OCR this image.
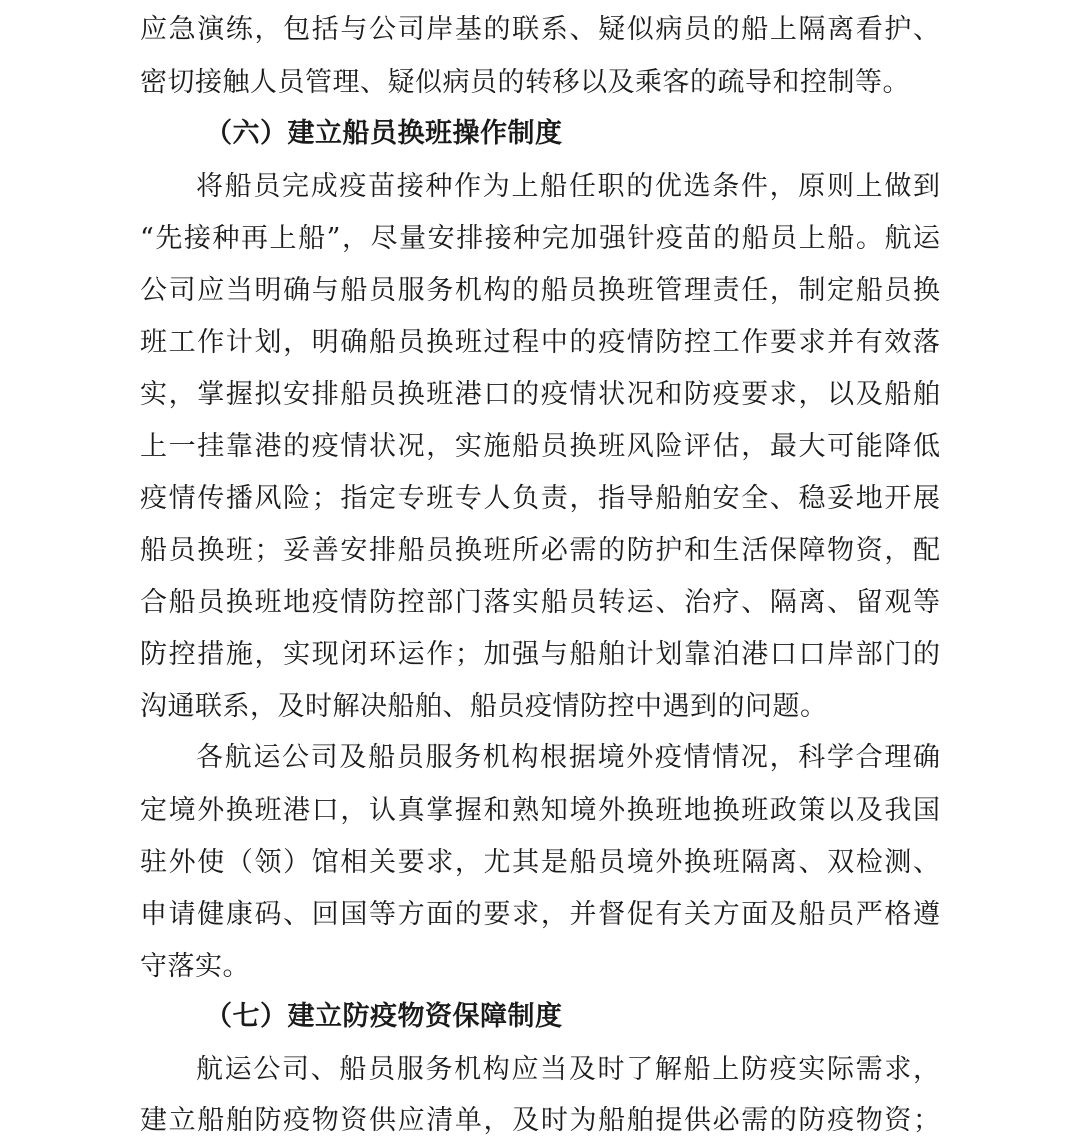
应急演练，包括与公司岸基的联系、疑似病员的船上隔离看护、
密切接触人员管理、疑似病员的转移以及乘客的疏导和控制等。
（六）建立船员换班操作制度
将船员完成疫苗接种作为上船任职的优选条件，原则上做到
“先接种再上船”，尽量安排接种完加强针疫苗的船员上船。航运
公司应当明确与船员服务机构的船员换班管理责任，制定船员换
班工作计划，明确船员换班过程中的疫情防控工作要求并有效落
实，掌握拟安排船员换班港口的疫情状况和防疫要求，以及船舶
上一挂靠港的疫情状况，实施船员换班风险评估，最大可能降低
疫情传播风险；指定专班专人负责，指导船舶安全、稳妥地开展
船员换班；妥善安排船员换班所必需的防护和生活保障物资，配
合船员换班地疫情防控部门落实船员转运、治疗、隔离、留观等
防控措施，实现闭环运作；加强与船舶计划靠泊港口口岸部门的
沟通联系，及时解决船舶、船员疫情防控中遇到的问题。
各航运公司及船员服务机构根据境外疫情情况，科学合理确
定境外换班港口，认真掌握和熟知境外换班地换班政策以及我国
驻外使（领）馆相关要求，尤其是船员境外换班隔离、双检测、
申请健康码、回国等方面的要求，并督促有关方面及船员严格遵
守落实。
（七）建立防疫物资保障制度
航运公司、船员服务机构应当及时了解船上防疫实际需求，
建立船舶防疫物资供应清单，及时为船舶提供必需的防疫物资；
